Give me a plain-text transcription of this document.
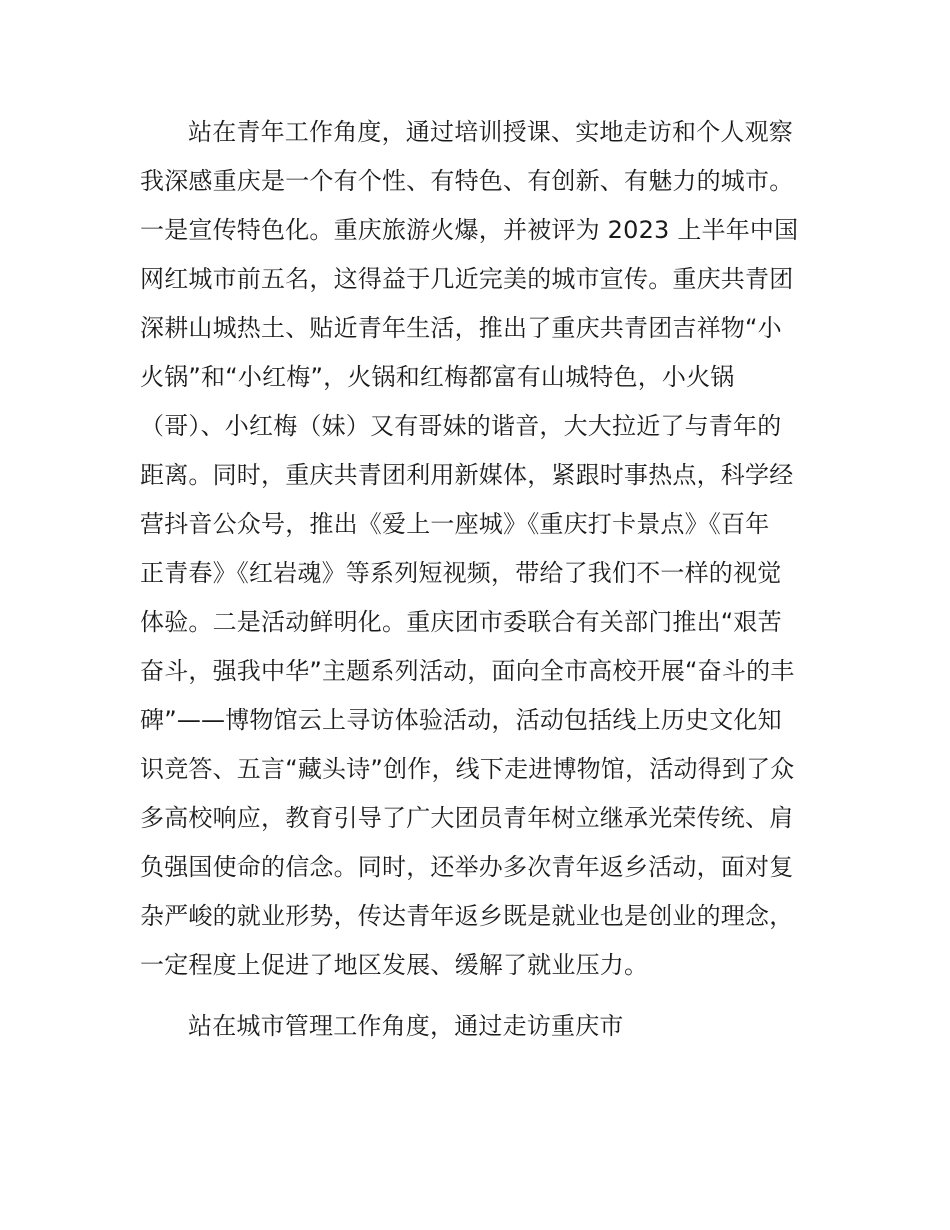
站在青年工作角度，通过培训授课、实地走访和个人观察
我深感重庆是一个有个性、有特色、有创新、有魅力的城市。
一是宣传特色化。重庆旅游火爆，并被评为 2023 上半年中国
网红城市前五名，这得益于几近完美的城市宣传。重庆共青团
深耕山城热土、贴近青年生活，推出了重庆共青团吉祥物“小
火锅”和“小红梅”，火锅和红梅都富有山城特色，小火锅
（哥）、小红梅（妹）又有哥妹的谐音，大大拉近了与青年的
距离。同时，重庆共青团利用新媒体，紧跟时事热点，科学经
营抖音公众号，推出《爱上一座城》《重庆打卡景点》《百年
正青春》《红岩魂》等系列短视频，带给了我们不一样的视觉
体验。二是活动鲜明化。重庆团市委联合有关部门推出“艰苦
奋斗，强我中华”主题系列活动，面向全市高校开展“奋斗的丰
碑”——博物馆云上寻访体验活动，活动包括线上历史文化知
识竞答、五言“藏头诗”创作，线下走进博物馆，活动得到了众
多高校响应，教育引导了广大团员青年树立继承光荣传统、肩
负强国使命的信念。同时，还举办多次青年返乡活动，面对复
杂严峻的就业形势，传达青年返乡既是就业也是创业的理念，
一定程度上促进了地区发展、缓解了就业压力。
站在城市管理工作角度，通过走访重庆市
